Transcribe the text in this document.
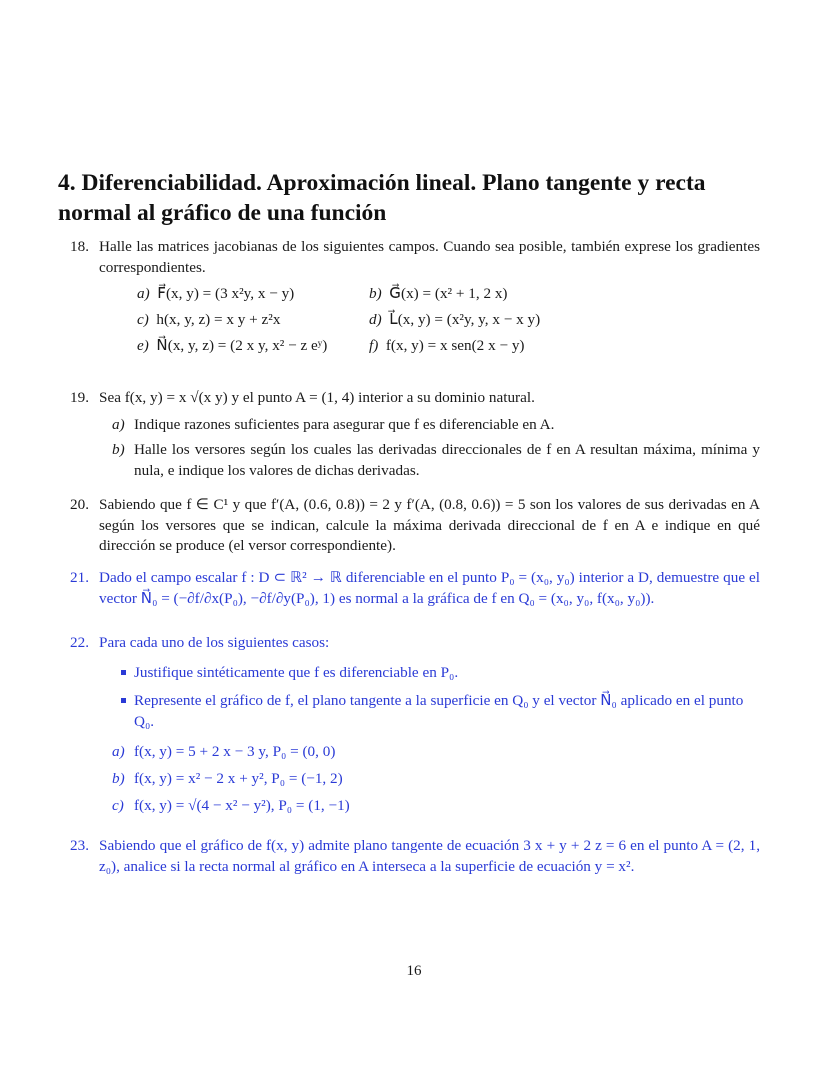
4. Diferenciabilidad. Aproximación lineal. Plano tangente y recta normal al gráfico de una función
18. Halle las matrices jacobianas de los siguientes campos. Cuando sea posible, también exprese los gradientes correspondientes.
a) F⃗(x, y) = (3 x²y, x − y)	b) G⃗(x) = (x² + 1, 2 x)
c) h(x, y, z) = x y + z²x	d) L⃗(x, y) = (x²y, y, x − x y)
e) N⃗(x, y, z) = (2 x y, x² − z eʸ)	f) f(x, y) = x sen(2 x − y)
19. Sea f(x, y) = x √(x y) y el punto A = (1, 4) interior a su dominio natural.
a) Indique razones suficientes para asegurar que f es diferenciable en A.
b) Halle los versores según los cuales las derivadas direccionales de f en A resultan máxima, mínima y nula, e indique los valores de dichas derivadas.
20. Sabiendo que f ∈ C¹ y que f′(A, (0.6, 0.8)) = 2 y f′(A, (0.8, 0.6)) = 5 son los valores de sus derivadas en A según los versores que se indican, calcule la máxima derivada direccional de f en A e indique en qué dirección se produce (el versor correspondiente).
21. Dado el campo escalar f : D ⊂ ℝ² → ℝ diferenciable en el punto P₀ = (x₀, y₀) interior a D, demuestre que el vector N⃗₀ = (−∂f/∂x(P₀), −∂f/∂y(P₀), 1) es normal a la gráfica de f en Q₀ = (x₀, y₀, f(x₀, y₀)).
22. Para cada uno de los siguientes casos:
Justifique sintéticamente que f es diferenciable en P₀.
Represente el gráfico de f, el plano tangente a la superficie en Q₀ y el vector N⃗₀ aplicado en el punto Q₀.
a) f(x, y) = 5 + 2 x − 3 y, P₀ = (0, 0)
b) f(x, y) = x² − 2 x + y², P₀ = (−1, 2)
c) f(x, y) = √(4 − x² − y²), P₀ = (1, −1)
23. Sabiendo que el gráfico de f(x, y) admite plano tangente de ecuación 3 x + y + 2 z = 6 en el punto A = (2, 1, z₀), analice si la recta normal al gráfico en A interseca a la superficie de ecuación y = x².
16
